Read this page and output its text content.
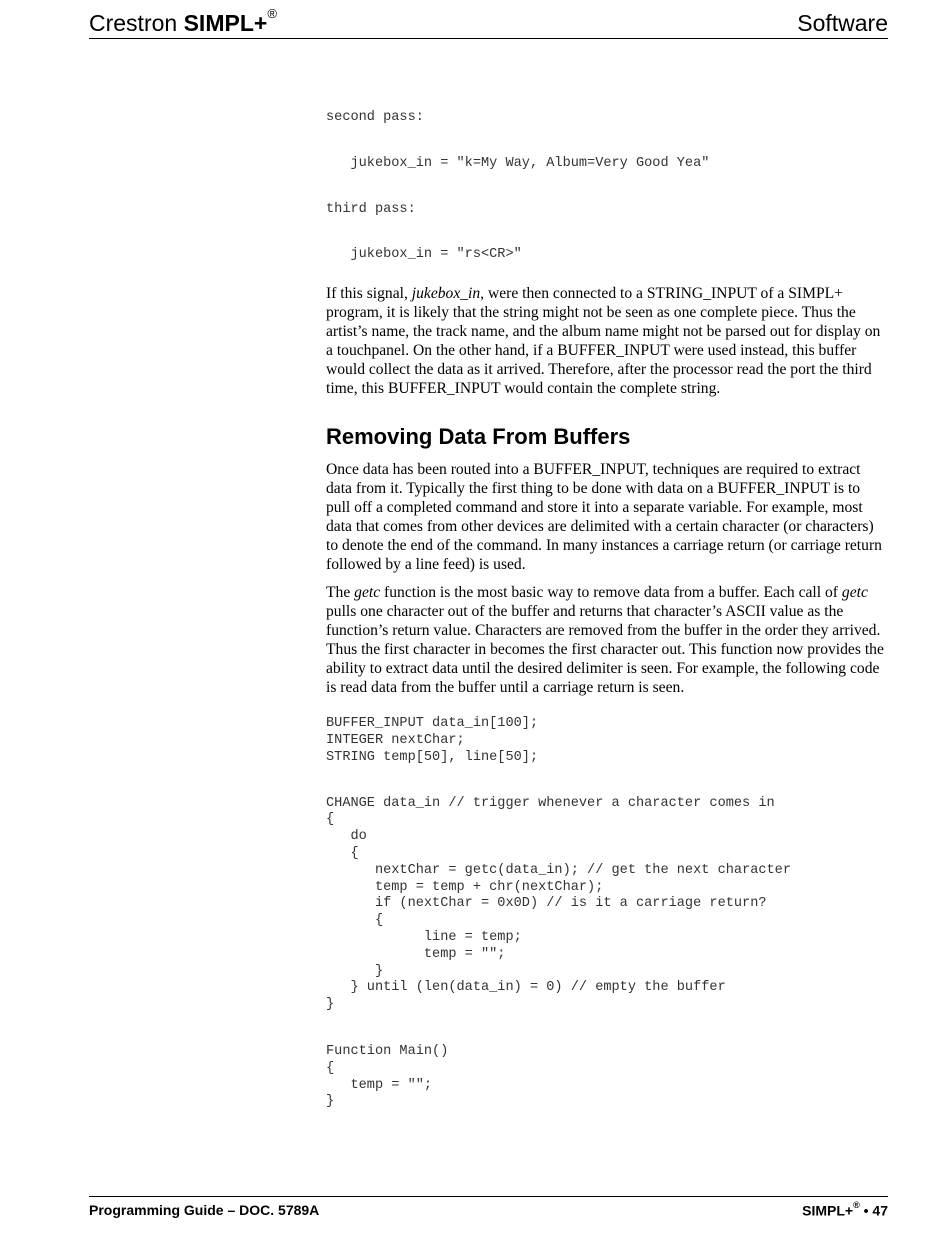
Crestron SIMPL+®	Software
second pass:
jukebox_in = "k=My Way, Album=Very Good Yea"
third pass:
jukebox_in = "rs<CR>"

If this signal, jukebox_in, were then connected to a STRING_INPUT of a SIMPL+ program, it is likely that the string might not be seen as one complete piece. Thus the artist’s name, the track name, and the album name might not be parsed out for display on a touchpanel. On the other hand, if a BUFFER_INPUT were used instead, this buffer would collect the data as it arrived. Therefore, after the processor read the port the third time, this BUFFER_INPUT would contain the complete string.

Removing Data From Buffers

Once data has been routed into a BUFFER_INPUT, techniques are required to extract data from it. Typically the first thing to be done with data on a BUFFER_INPUT is to pull off a completed command and store it into a separate variable. For example, most data that comes from other devices are delimited with a certain character (or characters) to denote the end of the command. In many instances a carriage return (or carriage return followed by a line feed) is used.

The getc function is the most basic way to remove data from a buffer. Each call of getc pulls one character out of the buffer and returns that character’s ASCII value as the function’s return value. Characters are removed from the buffer in the order they arrived. Thus the first character in becomes the first character out. This function now provides the ability to extract data until the desired delimiter is seen. For example, the following code is read data from the buffer until a carriage return is seen.

BUFFER_INPUT data_in[100];
INTEGER nextChar;
STRING temp[50], line[50];
CHANGE data_in // trigger whenever a character comes in
{
do
{
nextChar = getc(data_in); // get the next character
temp = temp + chr(nextChar);
if (nextChar = 0x0D) // is it a carriage return?
{
line = temp;
temp = "";
}
} until (len(data_in) = 0) // empty the buffer
}
Function Main()
{
temp = "";
}
Programming Guide – DOC. 5789A	SIMPL+® • 47
